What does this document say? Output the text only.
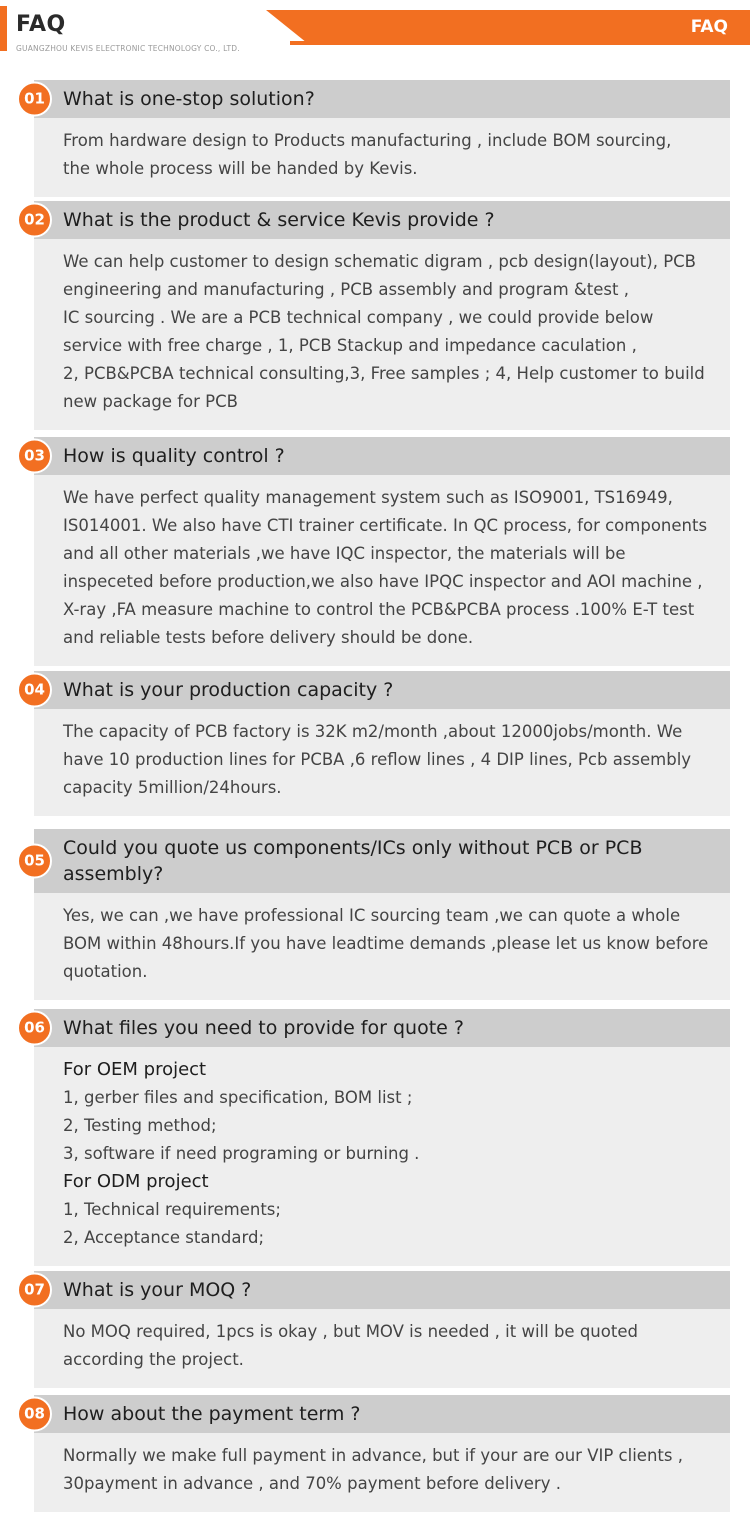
FAQ
GUANGZHOU KEVIS ELECTRONIC TECHNOLOGY CO., LTD.
FAQ
01 What is one-stop solution?
From hardware design to Products manufacturing , include BOM sourcing,
the whole process will be handed by Kevis.
02 What is the product & service Kevis provide ?
We can help customer to design schematic digram , pcb design(layout), PCB
engineering and manufacturing , PCB assembly and program &test ,
IC sourcing . We are a PCB technical company , we could provide below
service with free charge , 1, PCB Stackup and impedance caculation ,
2, PCB&PCBA technical consulting,3, Free samples ; 4, Help customer to build
new package for PCB
03 How is quality control ?
We have perfect quality management system such as ISO9001, TS16949,
IS014001. We also have CTI trainer certificate. In QC process, for components
and all other materials ,we have IQC inspector, the materials will be
inspeceted before production,we also have IPQC inspector and AOI machine ,
X-ray ,FA measure machine to control the PCB&PCBA process .100% E-T test
and reliable tests before delivery should be done.
04 What is your production capacity ?
The capacity of PCB factory is 32K m2/month ,about 12000jobs/month. We
have 10 production lines for PCBA ,6 reflow lines , 4 DIP lines, Pcb assembly
capacity 5million/24hours.
05
Could you quote us components/ICs only without PCB or PCB
assembly?
Yes, we can ,we have professional IC sourcing team ,we can quote a whole
BOM within 48hours.If you have leadtime demands ,please let us know before
quotation.
06 What files you need to provide for quote ?
For OEM project
1, gerber files and specification, BOM list ;
2, Testing method;
3, software if need programing or burning .
For ODM project
1, Technical requirements;
2, Acceptance standard;
07 What is your MOQ ?
No MOQ required, 1pcs is okay , but MOV is needed , it will be quoted
according the project.
08 How about the payment term ?
Normally we make full payment in advance, but if your are our VIP clients ,
30payment in advance , and 70% payment before delivery .
